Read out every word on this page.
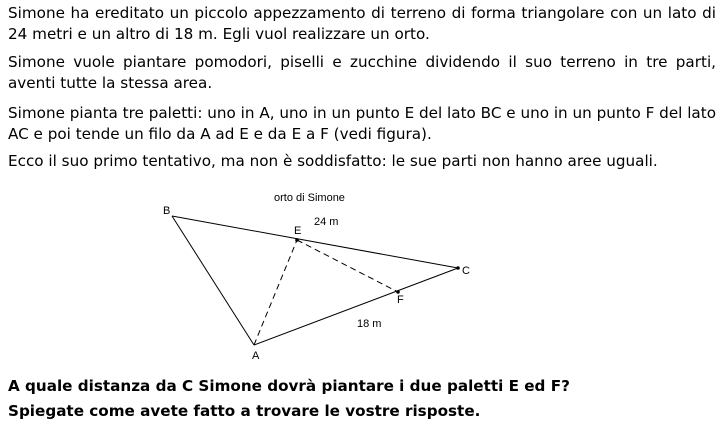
Simone ha ereditato un piccolo appezzamento di terreno di forma triangolare con un lato di 24 metri e un altro di 18 m. Egli vuol realizzare un orto.

Simone vuole piantare pomodori, piselli e zucchine dividendo il suo terreno in tre parti, aventi tutte la stessa area.

Simone pianta tre paletti: uno in A, uno in un punto E del lato BC e uno in un punto F del lato AC e poi tende un filo da A ad E e da E a F (vedi figura).

Ecco il suo primo tentativo, ma non è soddisfatto: le sue parti non hanno aree uguali.

orto di Simone
B
24 m
E
C
F
18 m
A

A quale distanza da C Simone dovrà piantare i due paletti E ed F?

Spiegate come avete fatto a trovare le vostre risposte.
